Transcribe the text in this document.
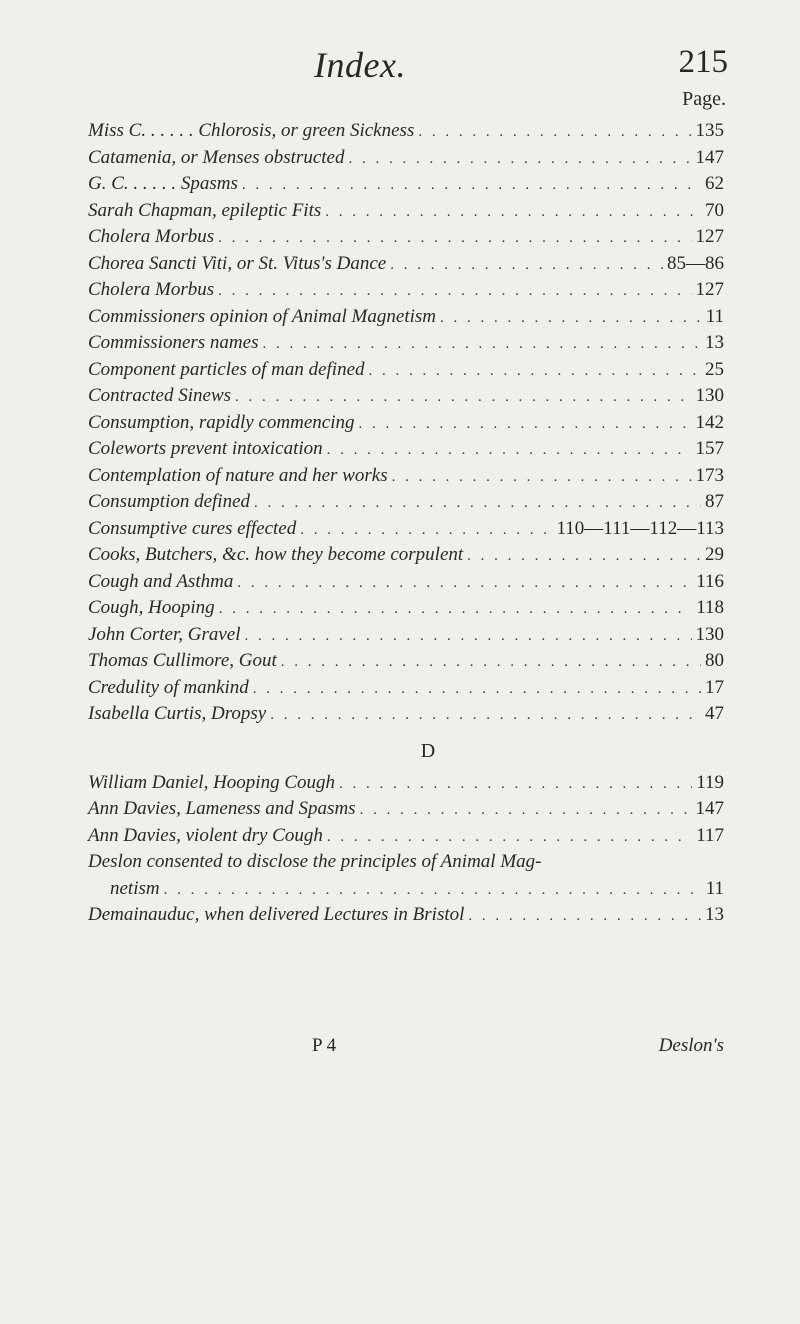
Index.	215
Page.
Miss C. . . . . . Chlorosis, or green Sickness . . .	135
Catamenia, or Menses obstructed . . .	147
G. C. . . . . . Spasms . . .	62
Sarah Chapman, epileptic Fits . . .	70
Cholera Morbus . . .	127
Chorea Sancti Viti, or St. Vitus's Dance . . .	85—86
Cholera Morbus . . .	127
Commissioners opinion of Animal Magnetism . . .	11
Commissioners names . . .	13
Component particles of man defined . . .	25
Contracted Sinews . . .	130
Consumption, rapidly commencing . . .	142
Coleworts prevent intoxication . . .	157
Contemplation of nature and her works . . .	173
Consumption defined . . .	87
Consumptive cures effected . . .	110—111—112—113
Cooks, Butchers, &c. how they become corpulent . . .	29
Cough and Asthma . . .	116
Cough, Hooping . . .	118
John Corter, Gravel . . .	130
Thomas Cullimore, Gout . . .	80
Credulity of mankind . . .	17
Isabella Curtis, Dropsy . . .	47
D
William Daniel, Hooping Cough . . .	119
Ann Davies, Lameness and Spasms . . .	147
Ann Davies, violent dry Cough . . .	117
Deslon consented to disclose the principles of Animal Mag-
netism . . .	11
Demainauduc, when delivered Lectures in Bristol . . .	13
P 4	Deslon's
